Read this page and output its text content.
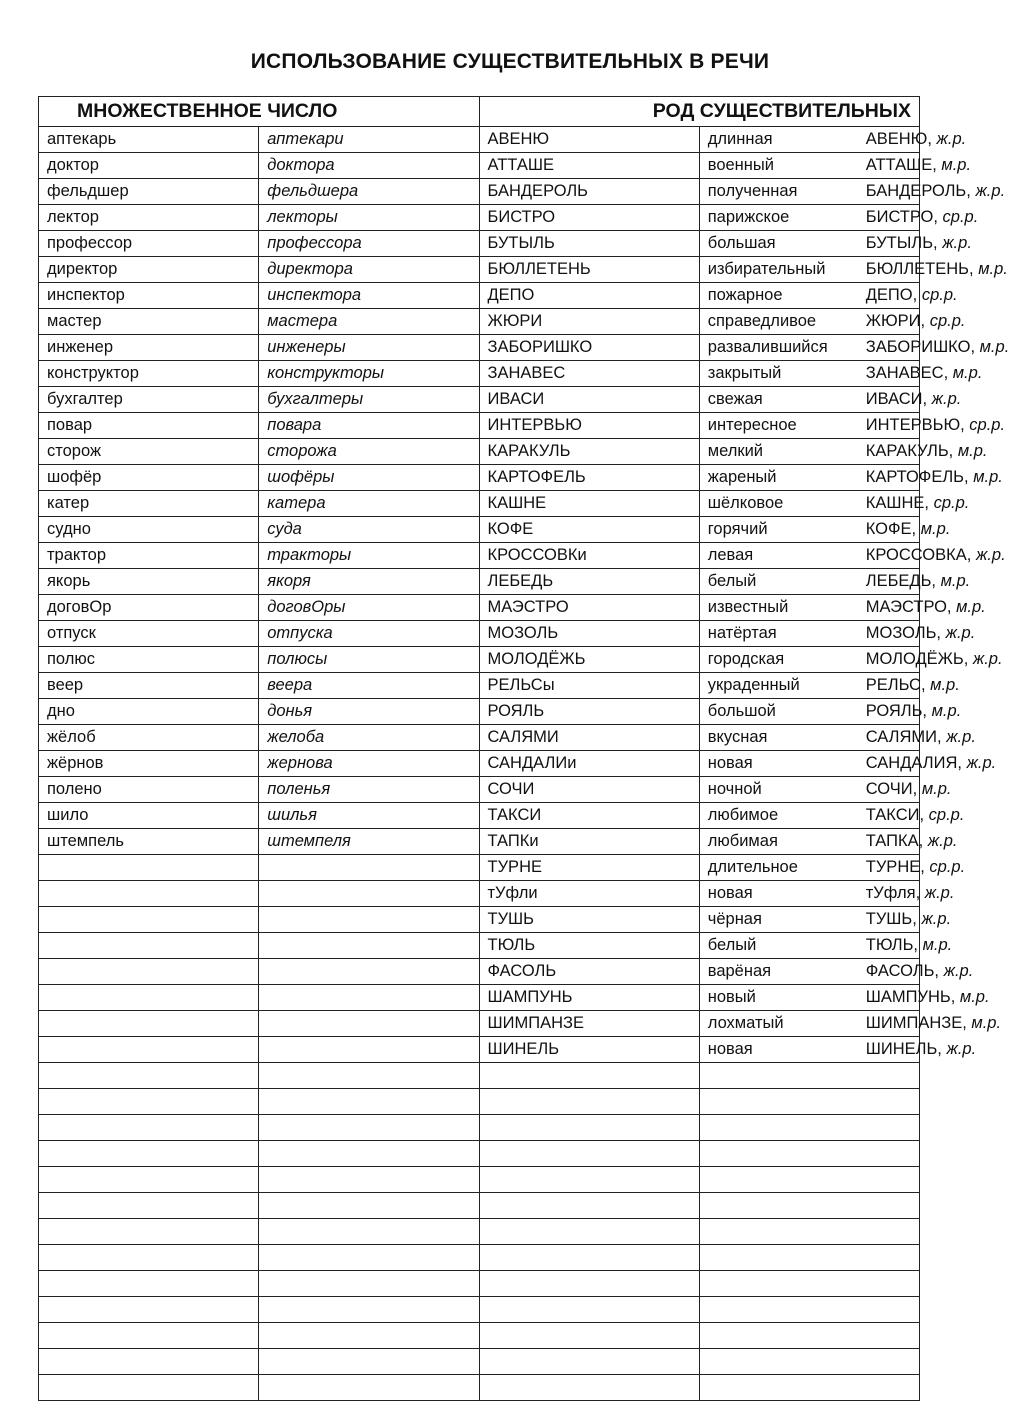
ИСПОЛЬЗОВАНИЕ СУЩЕСТВИТЕЛЬНЫХ В РЕЧИ
МНОЖЕСТВЕННОЕ ЧИСЛО		РОД СУЩЕСТВИТЕЛЬНЫХ	
аптекарь	аптекари	АВЕНЮ	длинная АВЕНЮ, ж.р.
доктор	доктора	АТТАШЕ	военный АТТАШЕ, м.р.
фельдшер	фельдшера	БАНДЕРОЛЬ	полученная БАНДЕРОЛЬ, ж.р.
лектор	лекторы	БИСТРО	парижское БИСТРО, ср.р.
профессор	профессора	БУТЫЛЬ	большая БУТЫЛЬ, ж.р.
директор	директора	БЮЛЛЕТЕНЬ	избирательный БЮЛЛЕТЕНЬ, м.р.
инспектор	инспектора	ДЕПО	пожарное ДЕПО, ср.р.
мастер	мастера	ЖЮРИ	справедливое ЖЮРИ, ср.р.
инженер	инженеры	ЗАБОРИШКО	развалившийся ЗАБОРИШКО, м.р.
конструктор	конструкторы	ЗАНАВЕС	закрытый ЗАНАВЕС, м.р.
бухгалтер	бухгалтеры	ИВАСИ	свежая ИВАСИ, ж.р.
повар	повара	ИНТЕРВЬЮ	интересное ИНТЕРВЬЮ, ср.р.
сторож	сторожа	КАРАКУЛЬ	мелкий КАРАКУЛЬ, м.р.
шофёр	шофёры	КАРТОФЕЛЬ	жареный КАРТОФЕЛЬ, м.р.
катер	катера	КАШНЕ	шёлковое КАШНЕ, ср.р.
судно	суда	КОФЕ	горячий КОФЕ, м.р.
трактор	тракторы	КРОССОВКи	левая КРОССОВКА, ж.р.
якорь	якоря	ЛЕБЕДЬ	белый ЛЕБЕДЬ, м.р.
договОр	договОры	МАЭСТРО	известный МАЭСТРО, м.р.
отпуск	отпуска	МОЗОЛЬ	натёртая МОЗОЛЬ, ж.р.
полюс	полюсы	МОЛОДЁЖЬ	городская МОЛОДЁЖЬ, ж.р.
веер	веера	РЕЛЬСы	украденный РЕЛЬС, м.р.
дно	донья	РОЯЛЬ	большой РОЯЛЬ, м.р.
жёлоб	желоба	САЛЯМИ	вкусная САЛЯМИ, ж.р.
жёрнов	жернова	САНДАЛИи	новая САНДАЛИЯ, ж.р.
полено	поленья	СОЧИ	ночной СОЧИ, м.р.
шило	шилья	ТАКСИ	любимое ТАКСИ, ср.р.
штемпель	штемпеля	ТАПКи	любимая ТАПКА, ж.р.
		ТУРНЕ	длительное ТУРНЕ, ср.р.
		тУфли	новая тУфля, ж.р.
		ТУШЬ	чёрная ТУШЬ, ж.р.
		ТЮЛЬ	белый ТЮЛЬ, м.р.
		ФАСОЛЬ	варёная ФАСОЛЬ, ж.р.
		ШАМПУНЬ	новый ШАМПУНЬ, м.р.
		ШИМПАНЗЕ	лохматый ШИМПАНЗЕ, м.р.
		ШИНЕЛЬ	новая ШИНЕЛЬ, ж.р.
